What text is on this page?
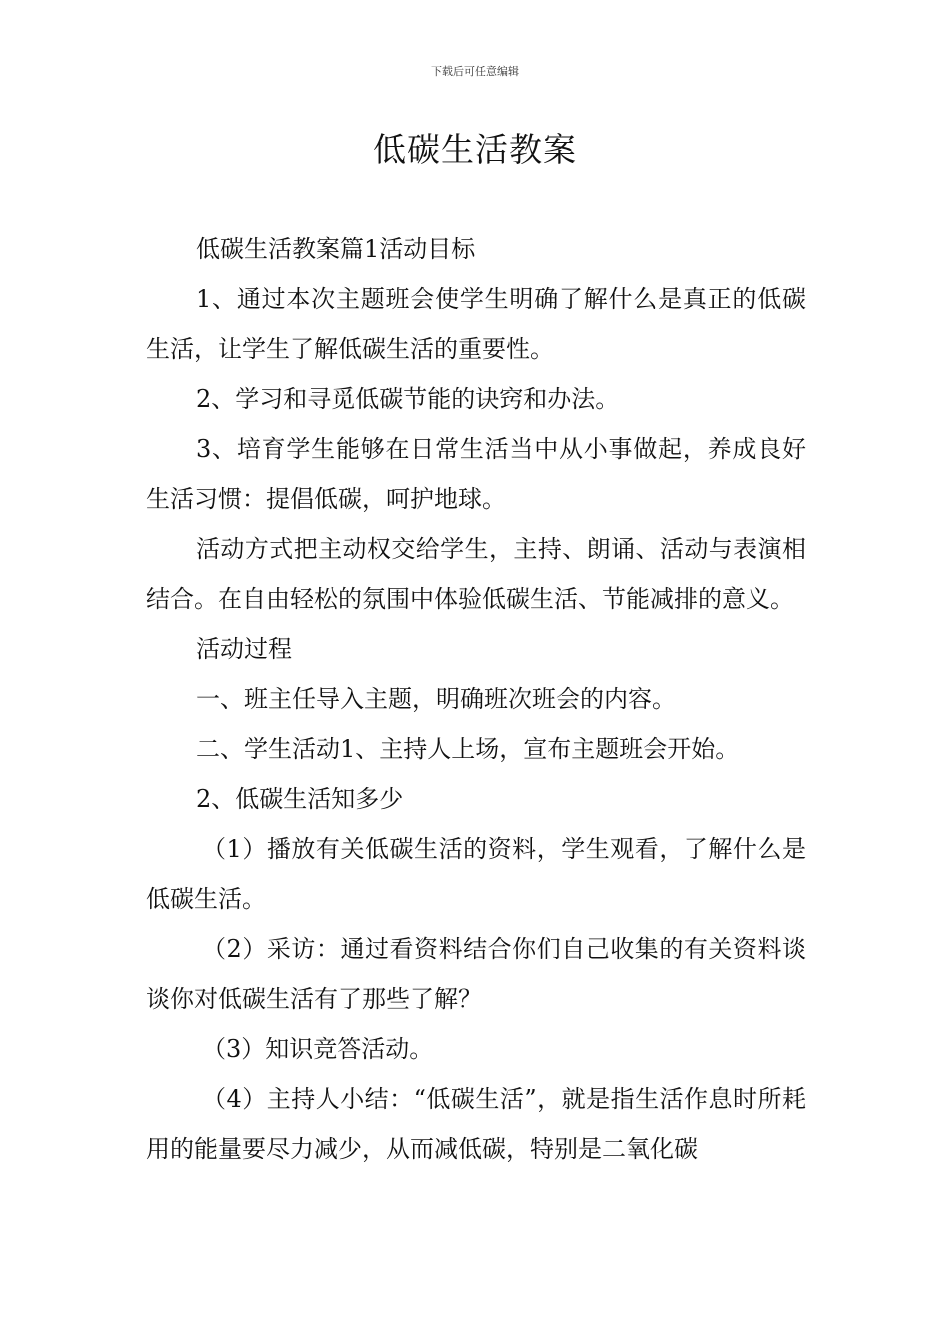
下载后可任意编辑
低碳生活教案

低碳生活教案篇1活动目标

1、通过本次主题班会使学生明确了解什么是真正的低碳生活，让学生了解低碳生活的重要性。

2、学习和寻觅低碳节能的诀窍和办法。

3、培育学生能够在日常生活当中从小事做起，养成良好生活习惯：提倡低碳，呵护地球。

活动方式把主动权交给学生，主持、朗诵、活动与表演相结合。在自由轻松的氛围中体验低碳生活、节能减排的意义。

活动过程

一、班主任导入主题，明确班次班会的内容。

二、学生活动1、主持人上场，宣布主题班会开始。

2、低碳生活知多少

（1）播放有关低碳生活的资料，学生观看，了解什么是低碳生活。

（2）采访：通过看资料结合你们自己收集的有关资料谈谈你对低碳生活有了那些了解？

（3）知识竞答活动。

（4）主持人小结：“低碳生活”，就是指生活作息时所耗用的能量要尽力减少，从而减低碳，特别是二氧化碳
